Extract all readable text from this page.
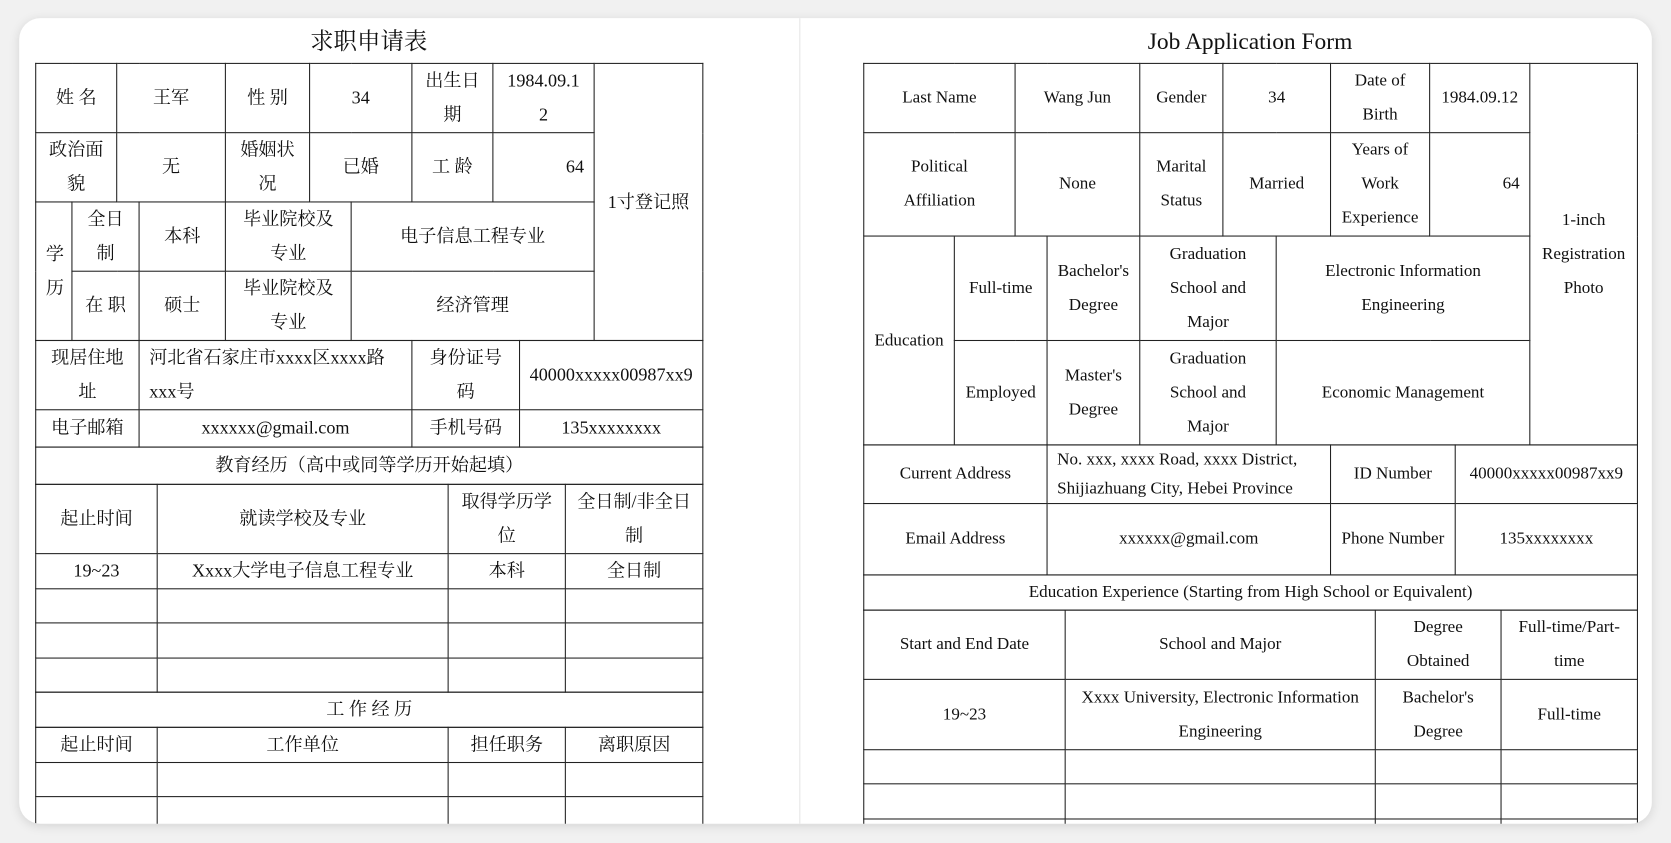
求职申请表	Job Application Form
姓 名		王军		性 别	34		出生日期	1984.09.12	1寸登记照
政治面貌		无		婚姻状况	已婚		工 龄	64	
学历	全日制		本科	毕业院校及专业		电子信息工程专业			
	在 职		硕士	毕业院校及专业		经济管理			
现居住地址	河北省石家庄市xxxx区xxxx路xxx号	身份证号码	40000xxxxx00987xx9
电子邮箱	xxxxxx@gmail.com	手机号码	135xxxxxxxx
教育经历（高中或同等学历开始起填）
起止时间	就读学校及专业	取得学历学位	全日制/非全日制
19~23	Xxxx大学电子信息工程专业	本科	全日制

工 作 经 历
起止时间	工作单位	担任职务	离职原因

Last Name		Wang Jun		Gender	34		Date of Birth	1984.09.12	1-inch Registration Photo
Political Affiliation		None		Marital Status	Married		Years of Work Experience	64	
Education	Full-time		Bachelor's Degree	Graduation School and Major		Electronic Information Engineering			
	Employed		Master's Degree	Graduation School and Major		Economic Management			
Current Address	No. xxx, xxxx Road, xxxx District, Shijiazhuang City, Hebei Province	ID Number	40000xxxxx00987xx9
Email Address	xxxxxx@gmail.com	Phone Number	135xxxxxxxx
Education Experience (Starting from High School or Equivalent)
Start and End Date	School and Major	Degree Obtained	Full-time/Part-time
19~23	Xxxx University, Electronic Information Engineering	Bachelor's Degree	Full-time
